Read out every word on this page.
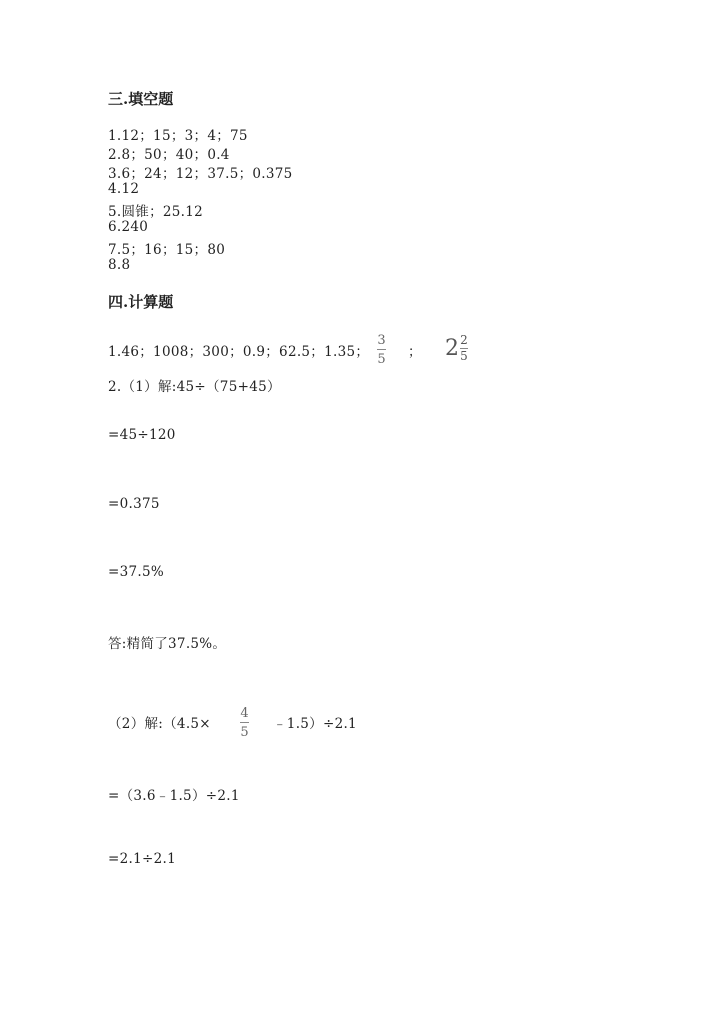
三.填空题
1.12；15；3；4；75
2.8；50；40；0.4
3.6；24；12；37.5；0.375
4.12
5.圆锥；25.12
6.240
7.5；16；15；80
8.8
四.计算题
1.46；1008；300；0.9；62.5；1.35；
3
5 ； 2 2
5
2.（1）解:45÷（75+45）
=45÷120
=0.375
=37.5%
答:精简了37.5%。
（2）解:（4.5×
4
5
﹣1.5）÷2.1
=（3.6﹣1.5）÷2.1
=2.1÷2.1
